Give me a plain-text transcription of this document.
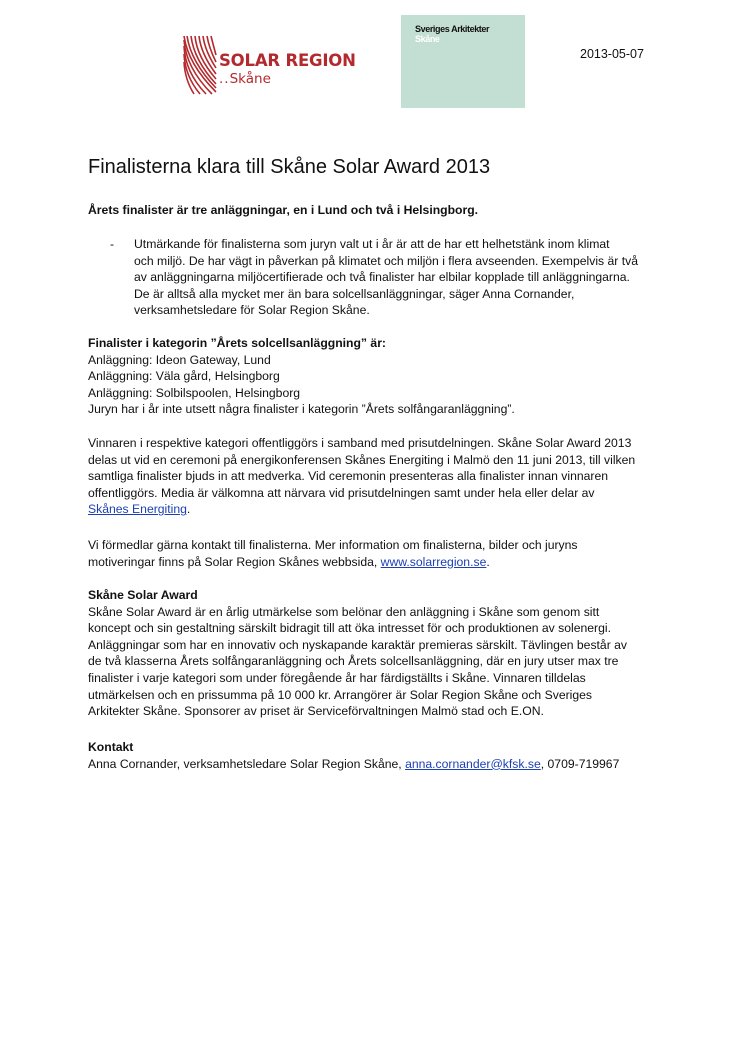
SOLAR REGION
..Skåne
Sveriges Arkitekter
Skåne
2013-05-07
Finalisterna klara till Skåne Solar Award 2013
Årets finalister är tre anläggningar, en i Lund och två i Helsingborg.
- Utmärkande för finalisterna som juryn valt ut i år är att de har ett helhetstänk inom klimat
och miljö. De har vägt in påverkan på klimatet och miljön i flera avseenden. Exempelvis är två
av anläggningarna miljöcertifierade och två finalister har elbilar kopplade till anläggningarna.
De är alltså alla mycket mer än bara solcellsanläggningar, säger Anna Cornander,
verksamhetsledare för Solar Region Skåne.
Finalister i kategorin ”Årets solcellsanläggning” är:
Anläggning: Ideon Gateway, Lund
Anläggning: Väla gård, Helsingborg
Anläggning: Solbilspoolen, Helsingborg
Juryn har i år inte utsett några finalister i kategorin ”Årets solfångaranläggning”.
Vinnaren i respektive kategori offentliggörs i samband med prisutdelningen. Skåne Solar Award 2013
delas ut vid en ceremoni på energikonferensen Skånes Energiting i Malmö den 11 juni 2013, till vilken
samtliga finalister bjuds in att medverka. Vid ceremonin presenteras alla finalister innan vinnaren
offentliggörs. Media är välkomna att närvara vid prisutdelningen samt under hela eller delar av
Skånes Energiting.
Vi förmedlar gärna kontakt till finalisterna. Mer information om finalisterna, bilder och juryns
motiveringar finns på Solar Region Skånes webbsida, www.solarregion.se.
Skåne Solar Award
Skåne Solar Award är en årlig utmärkelse som belönar den anläggning i Skåne som genom sitt
koncept och sin gestaltning särskilt bidragit till att öka intresset för och produktionen av solenergi.
Anläggningar som har en innovativ och nyskapande karaktär premieras särskilt. Tävlingen består av
de två klasserna Årets solfångaranläggning och Årets solcellsanläggning, där en jury utser max tre
finalister i varje kategori som under föregående år har färdigställts i Skåne. Vinnaren tilldelas
utmärkelsen och en prissumma på 10 000 kr. Arrangörer är Solar Region Skåne och Sveriges
Arkitekter Skåne. Sponsorer av priset är Serviceförvaltningen Malmö stad och E.ON.
Kontakt
Anna Cornander, verksamhetsledare Solar Region Skåne, anna.cornander@kfsk.se, 0709-719967
